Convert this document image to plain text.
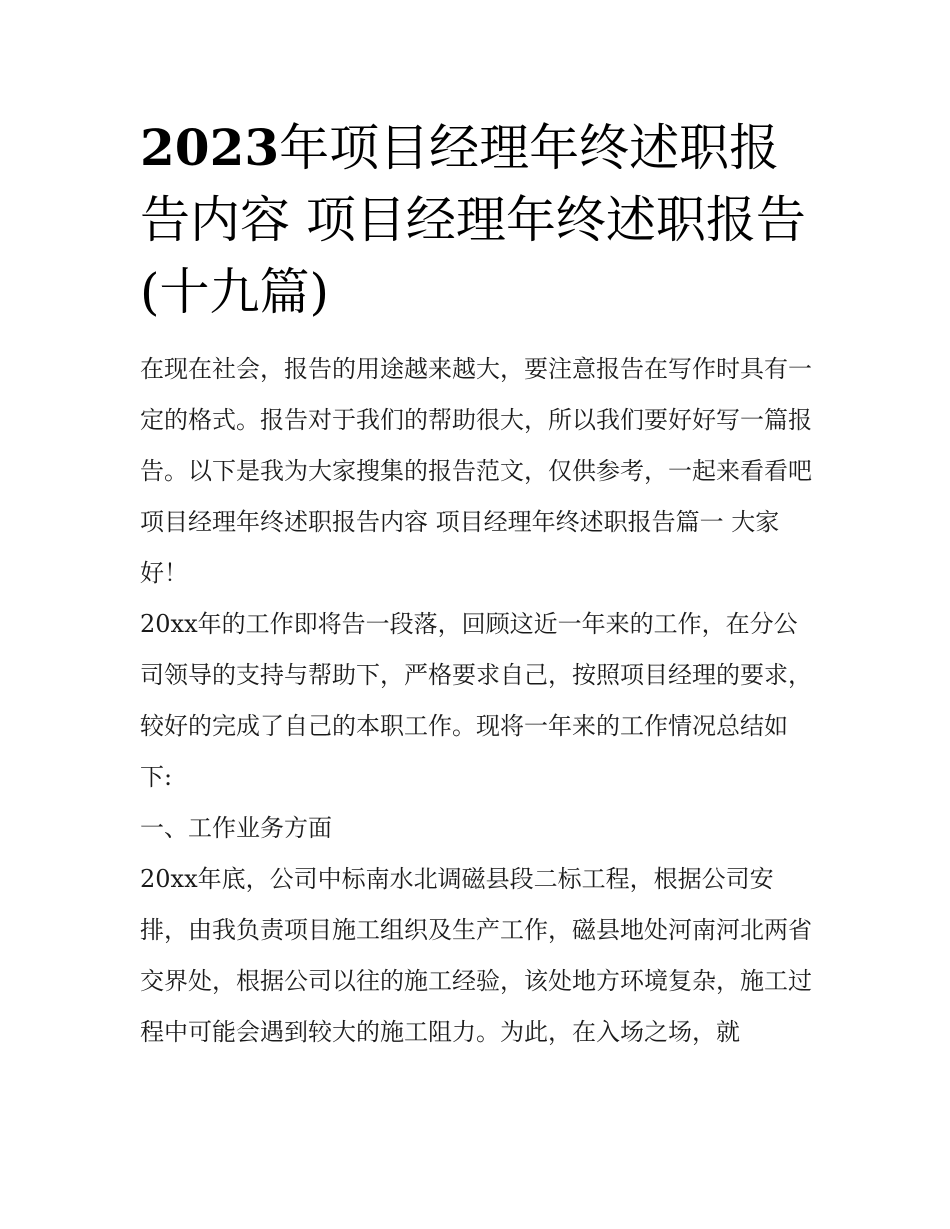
2023年项目经理年终述职报告内容 项目经理年终述职报告(十九篇)

在现在社会，报告的用途越来越大，要注意报告在写作时具有一定的格式。报告对于我们的帮助很大，所以我们要好好写一篇报告。以下是我为大家搜集的报告范文，仅供参考，一起来看看吧

项目经理年终述职报告内容 项目经理年终述职报告篇一 大家好！

20xx年的工作即将告一段落，回顾这近一年来的工作，在分公司领导的支持与帮助下，严格要求自己，按照项目经理的要求，较好的完成了自己的本职工作。现将一年来的工作情况总结如下:

一、工作业务方面

20xx年底，公司中标南水北调磁县段二标工程，根据公司安排，由我负责项目施工组织及生产工作，磁县地处河南河北两省交界处，根据公司以往的施工经验，该处地方环境复杂，施工过程中可能会遇到较大的施工阻力。为此，在入场之场，就
